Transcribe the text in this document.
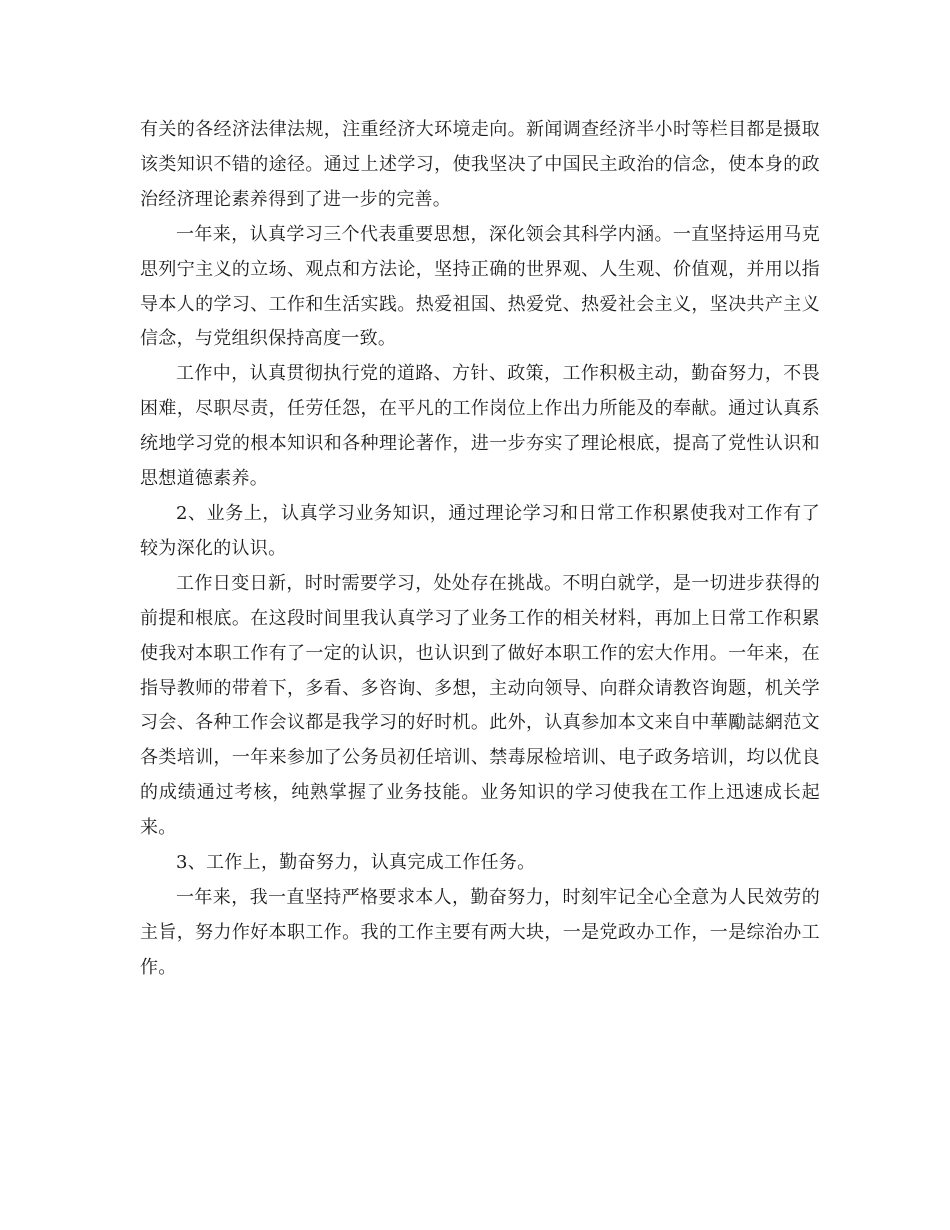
有关的各经济法律法规，注重经济大环境走向。新闻调查经济半小时等栏目都是摄取该类知识不错的途径。通过上述学习，使我坚决了中国民主政治的信念，使本身的政治经济理论素养得到了进一步的完善。

一年来，认真学习三个代表重要思想，深化领会其科学内涵。一直坚持运用马克思列宁主义的立场、观点和方法论，坚持正确的世界观、人生观、价值观，并用以指导本人的学习、工作和生活实践。热爱祖国、热爱党、热爱社会主义，坚决共产主义信念，与党组织保持高度一致。

工作中，认真贯彻执行党的道路、方针、政策，工作积极主动，勤奋努力，不畏困难，尽职尽责，任劳任怨，在平凡的工作岗位上作出力所能及的奉献。通过认真系统地学习党的根本知识和各种理论著作，进一步夯实了理论根底，提高了党性认识和思想道德素养。

2、业务上，认真学习业务知识，通过理论学习和日常工作积累使我对工作有了较为深化的认识。

工作日变日新，时时需要学习，处处存在挑战。不明白就学，是一切进步获得的前提和根底。在这段时间里我认真学习了业务工作的相关材料，再加上日常工作积累使我对本职工作有了一定的认识，也认识到了做好本职工作的宏大作用。一年来，在指导教师的带着下，多看、多咨询、多想，主动向领导、向群众请教咨询题，机关学习会、各种工作会议都是我学习的好时机。此外，认真参加本文来自中華勵誌網范文各类培训，一年来参加了公务员初任培训、禁毒尿检培训、电子政务培训，均以优良的成绩通过考核，纯熟掌握了业务技能。业务知识的学习使我在工作上迅速成长起来。

3、工作上，勤奋努力，认真完成工作任务。

一年来，我一直坚持严格要求本人，勤奋努力，时刻牢记全心全意为人民效劳的主旨，努力作好本职工作。我的工作主要有两大块，一是党政办工作，一是综治办工作。
